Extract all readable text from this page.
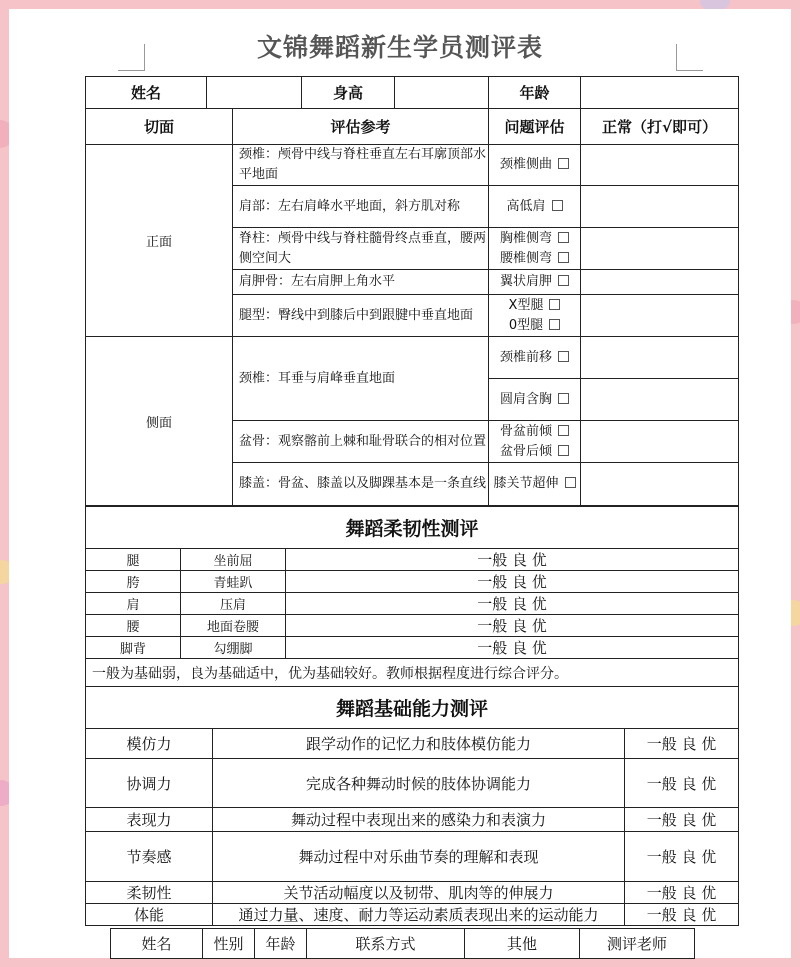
文锦舞蹈新生学员测评表
姓名			身高		年龄	
切面		评估参考			问题评估	正常（打√即可）
正面		颈椎：颅骨中线与脊柱垂直左右耳廓顶部水平地面			颈椎侧曲	
		肩部：左右肩峰水平地面，斜方肌对称			高低肩	
		脊柱：颅骨中线与脊柱髓骨终点垂直，腰两侧空间大			胸椎侧弯
腰椎侧弯	

		肩胛骨：左右肩胛上角水平			翼状肩胛	
		腿型：臀线中到膝后中到跟腱中垂直地面			X型腿
0型腿	

侧面		颈椎：耳垂与肩峰垂直地面			颈椎前移	
					圆肩含胸	
		盆骨：观察髂前上棘和耻骨联合的相对位置			骨盆前倾
盆骨后倾	

		膝盖：骨盆、膝盖以及脚踝基本是一条直线			膝关节超伸	
舞蹈柔韧性测评		
腿	坐前屈	一般 良 优
胯	青蛙趴	一般 良 优
肩	压肩	一般 良 优
腰	地面卷腰	一般 良 优
脚背	勾绷脚	一般 良 优
一般为基础弱，良为基础适中，优为基础较好。教师根据程度进行综合评分。		
舞蹈基础能力测评		
模仿力	跟学动作的记忆力和肢体模仿能力	一般 良 优
协调力	完成各种舞动时候的肢体协调能力	一般 良 优
表现力	舞动过程中表现出来的感染力和表演力	一般 良 优
节奏感	舞动过程中对乐曲节奏的理解和表现	一般 良 优
柔韧性	关节活动幅度以及韧带、肌肉等的伸展力	一般 良 优
体能	通过力量、速度、耐力等运动素质表现出来的运动能力	一般 良 优
姓名	性别	年龄	联系方式	其他	测评老师
